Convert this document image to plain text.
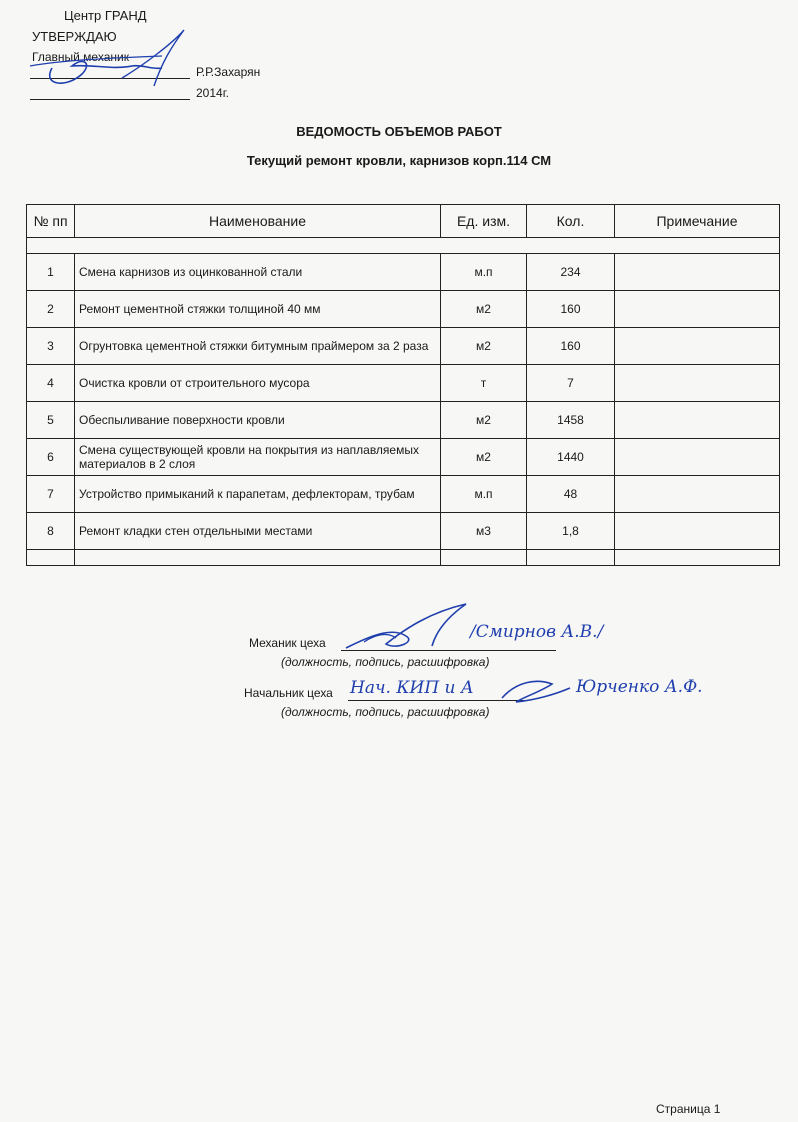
Центр ГРАНД
УТВЕРЖДАЮ
Главный механик
Р.Р.Захарян
2014г.
ВЕДОМОСТЬ ОБЪЕМОВ РАБОТ
Текущий ремонт кровли, карнизов корп.114 СМ
№ пп	Наименование	Ед. изм.	Кол.	Примечание

1	Смена карнизов из оцинкованной стали	м.п	234	
2	Ремонт цементной стяжки толщиной 40 мм	м2	160	
3	Огрунтовка цементной стяжки битумным праймером за 2 раза	м2	160	
4	Очистка кровли от строительного мусора	т	7	
5	Обеспыливание поверхности кровли	м2	1458	
6	Смена существующей кровли на покрытия из наплавляемых материалов в 2 слоя	м2	1440	
7	Устройство примыканий к парапетам, дефлекторам, трубам	м.п	48	
8	Ремонт кладки стен отдельными местами	м3	1,8	

Механик цеха
/Смирнов А.В./
(должность, подпись, расшифровка)
Начальник цеха Нач. КИП и А	Юрченко А.Ф.
(должность, подпись, расшифровка)
Страница 1
